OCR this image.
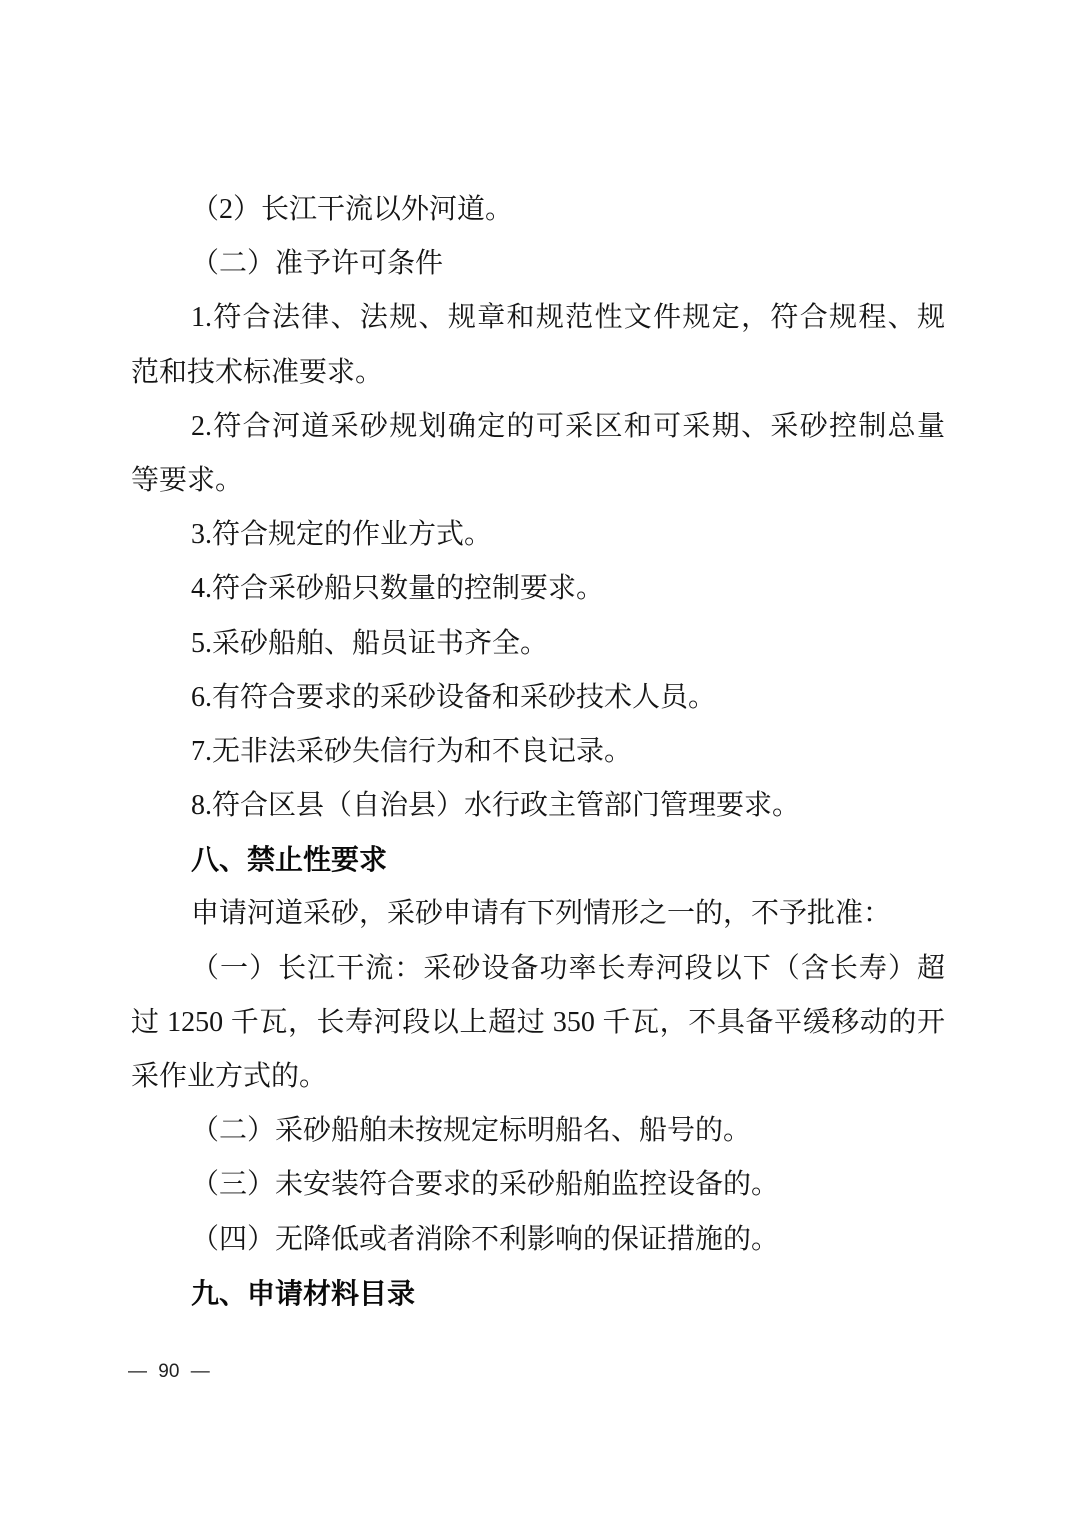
（2）长江干流以外河道。
（二）准予许可条件
1.符合法律、法规、规章和规范性文件规定，符合规程、规
范和技术标准要求。
2.符合河道采砂规划确定的可采区和可采期、采砂控制总量
等要求。
3.符合规定的作业方式。
4.符合采砂船只数量的控制要求。
5.采砂船舶、船员证书齐全。
6.有符合要求的采砂设备和采砂技术人员。
7.无非法采砂失信行为和不良记录。
8.符合区县（自治县）水行政主管部门管理要求。
八、禁止性要求
申请河道采砂，采砂申请有下列情形之一的，不予批准：
（一）长江干流：采砂设备功率长寿河段以下（含长寿）超
过 1250 千瓦，长寿河段以上超过 350 千瓦，不具备平缓移动的开
采作业方式的。
（二）采砂船舶未按规定标明船名、船号的。
（三）未安装符合要求的采砂船舶监控设备的。
（四）无降低或者消除不利影响的保证措施的。
九、申请材料目录
— 90 —
